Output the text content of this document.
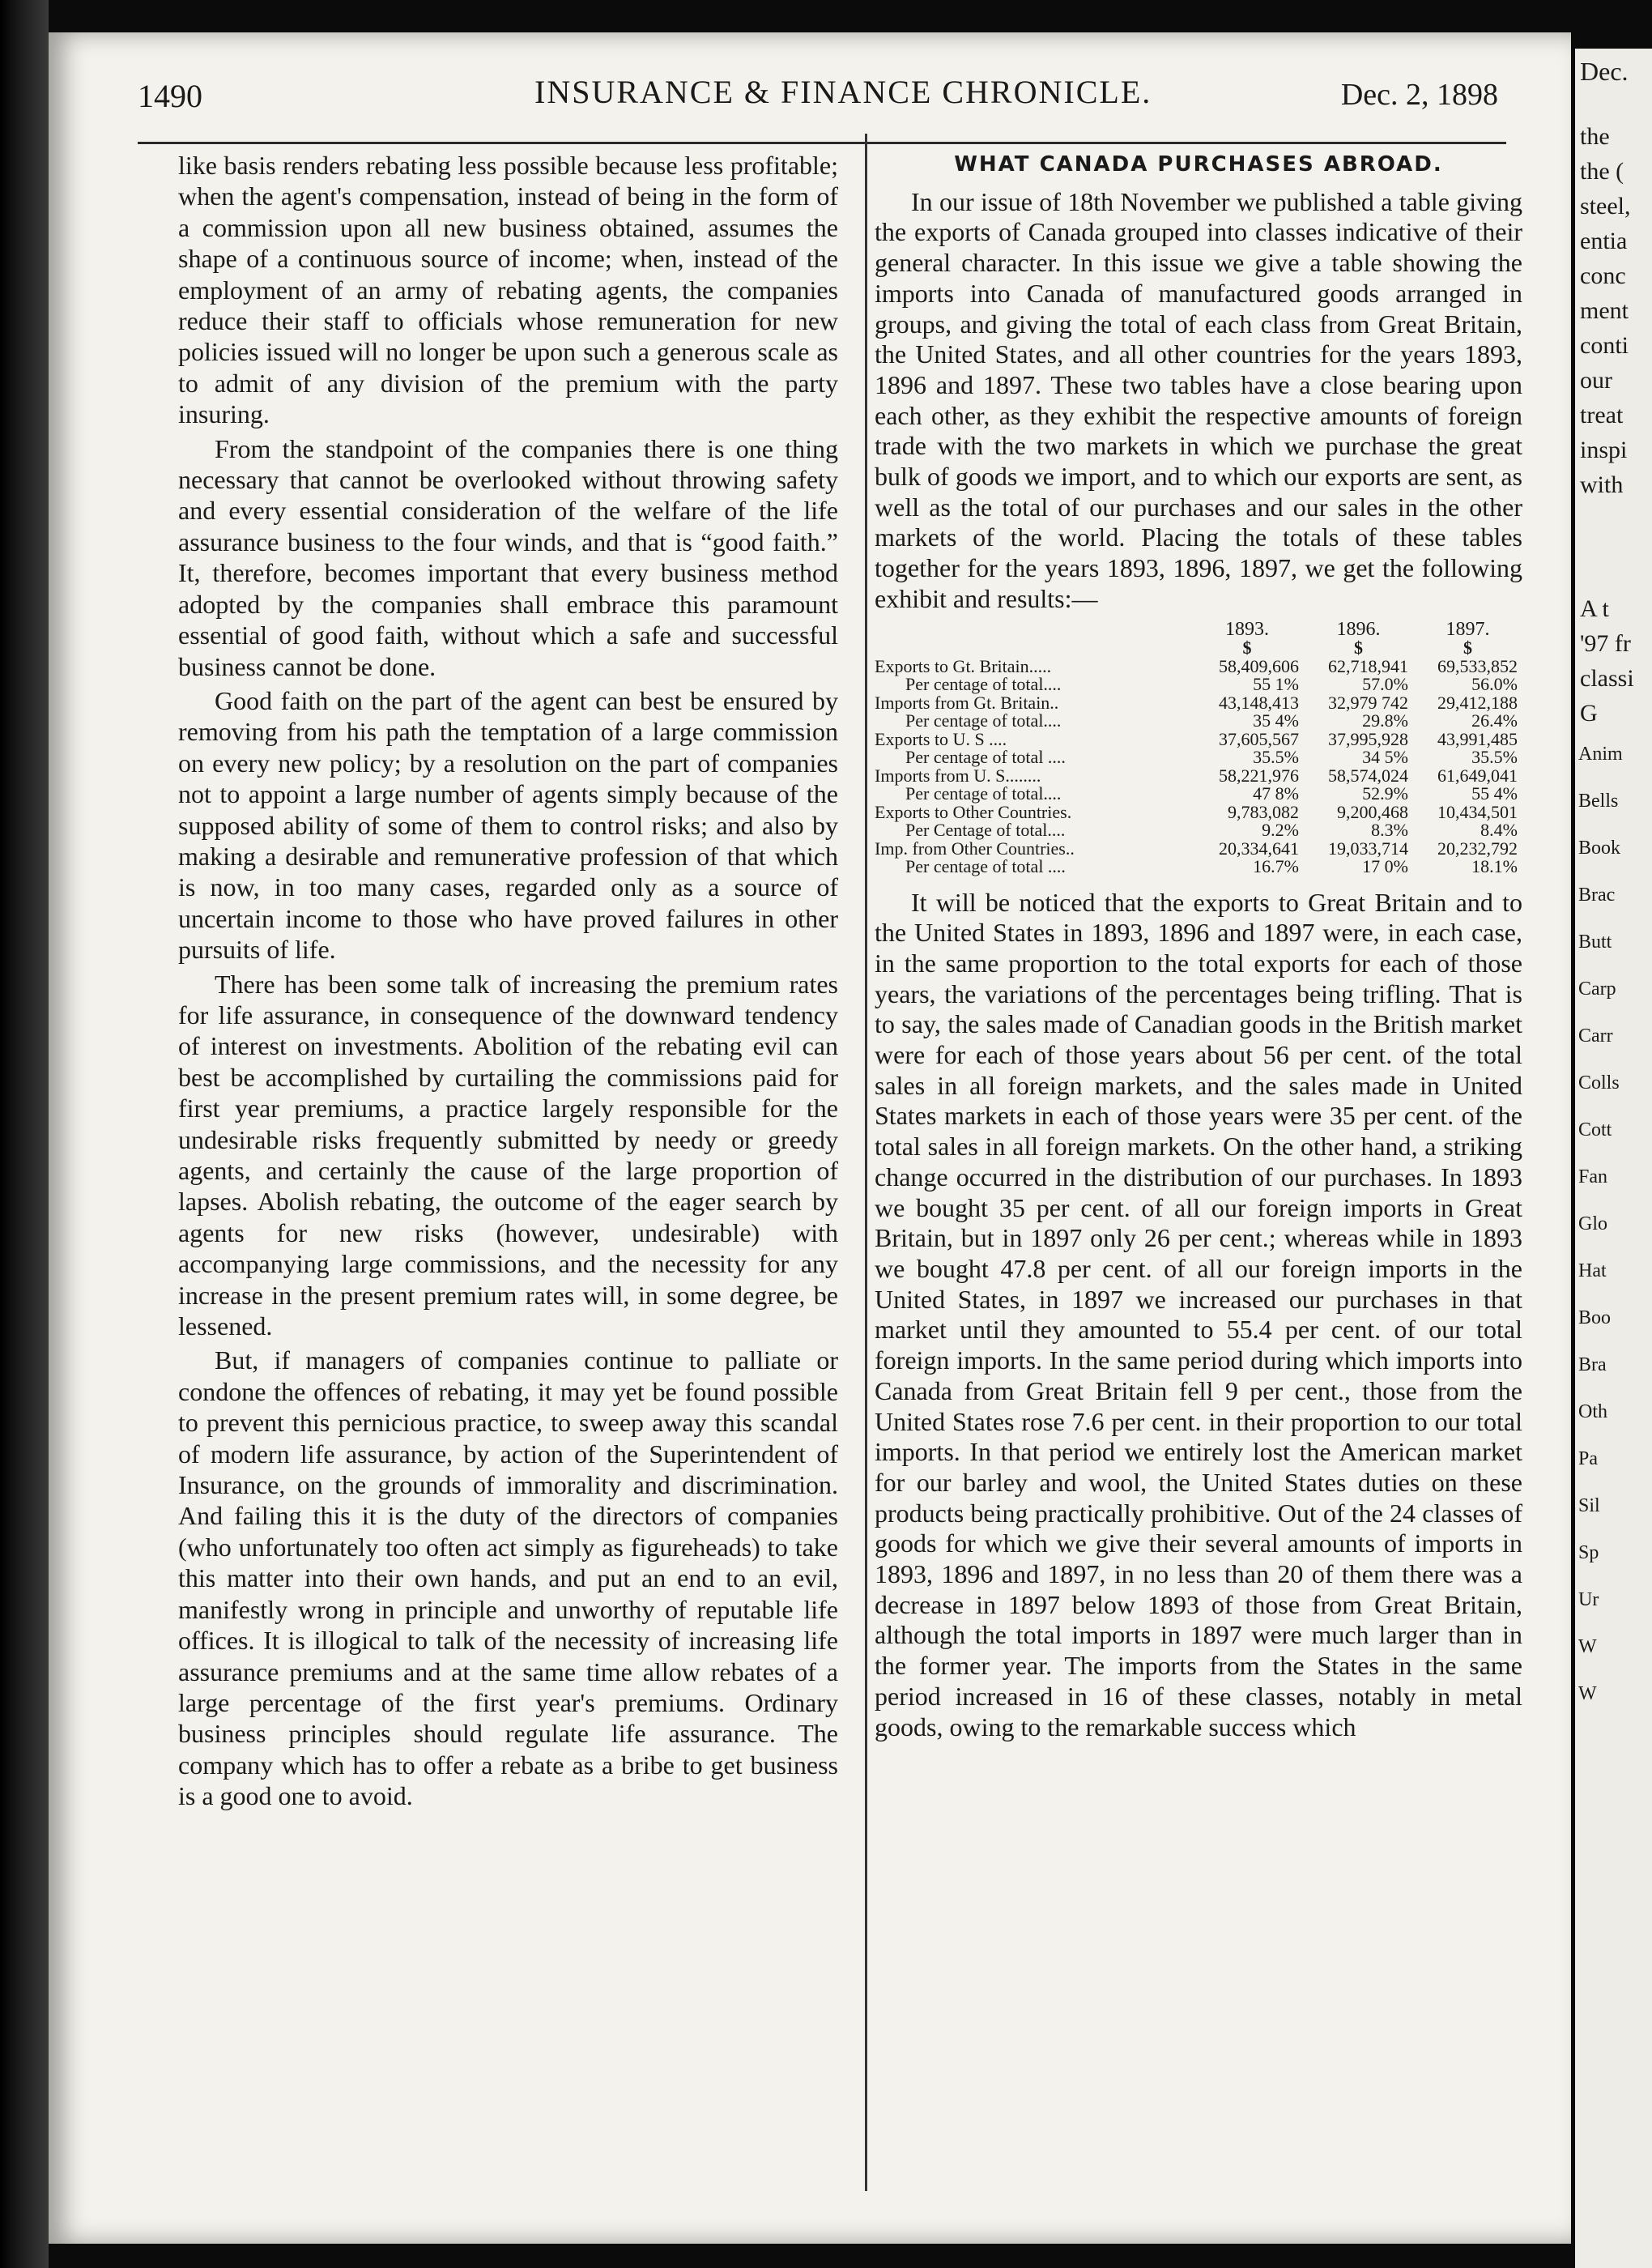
1490	INSURANCE & FINANCE CHRONICLE.	Dec. 2, 1898

like basis renders rebating less possible because less profitable; when the agent's compensation, instead of being in the form of a commission upon all new business obtained, assumes the shape of a continuous source of income; when, instead of the employment of an army of rebating agents, the companies reduce their staff to officials whose remuneration for new policies issued will no longer be upon such a generous scale as to admit of any division of the premium with the party insuring.

From the standpoint of the companies there is one thing necessary that cannot be overlooked without throwing safety and every essential consideration of the welfare of the life assurance business to the four winds, and that is “good faith.” It, therefore, becomes important that every business method adopted by the companies shall embrace this paramount essential of good faith, without which a safe and successful business cannot be done.

Good faith on the part of the agent can best be ensured by removing from his path the temptation of a large commission on every new policy; by a resolution on the part of companies not to appoint a large number of agents simply because of the supposed ability of some of them to control risks; and also by making a desirable and remunerative profession of that which is now, in too many cases, regarded only as a source of uncertain income to those who have proved failures in other pursuits of life.

There has been some talk of increasing the premium rates for life assurance, in consequence of the downward tendency of interest on investments. Abolition of the rebating evil can best be accomplished by curtailing the commissions paid for first year premiums, a practice largely responsible for the undesirable risks frequently submitted by needy or greedy agents, and certainly the cause of the large proportion of lapses. Abolish rebating, the outcome of the eager search by agents for new risks (however, undesirable) with accompanying large commissions, and the necessity for any increase in the present premium rates will, in some degree, be lessened.

But, if managers of companies continue to palliate or condone the offences of rebating, it may yet be found possible to prevent this pernicious practice, to sweep away this scandal of modern life assurance, by action of the Superintendent of Insurance, on the grounds of immorality and discrimination. And failing this it is the duty of the directors of companies (who unfortunately too often act simply as figureheads) to take this matter into their own hands, and put an end to an evil, manifestly wrong in principle and unworthy of reputable life offices. It is illogical to talk of the necessity of increasing life assurance premiums and at the same time allow rebates of a large percentage of the first year's premiums. Ordinary business principles should regulate life assurance. The company which has to offer a rebate as a bribe to get business is a good one to avoid.

WHAT CANADA PURCHASES ABROAD.

In our issue of 18th November we published a table giving the exports of Canada grouped into classes indicative of their general character. In this issue we give a table showing the imports into Canada of manufactured goods arranged in groups, and giving the total of each class from Great Britain, the United States, and all other countries for the years 1893, 1896 and 1897. These two tables have a close bearing upon each other, as they exhibit the respective amounts of foreign trade with the two markets in which we purchase the great bulk of goods we import, and to which our exports are sent, as well as the total of our purchases and our sales in the other markets of the world. Placing the totals of these tables together for the years 1893, 1896, 1897, we get the following exhibit and results:—

	1893.	1896.	1897.
	$	$	$
Exports to Gt. Britain.....	58,409,606	62,718,941	69,533,852
Per centage of total....	55 1%	57.0%	56.0%
Imports from Gt. Britain..	43,148,413	32,979 742	29,412,188
Per centage of total....	35 4%	29.8%	26.4%
Exports to U. S ....	37,605,567	37,995,928	43,991,485
Per centage of total ....	35.5%	34 5%	35.5%
Imports from U. S........	58,221,976	58,574,024	61,649,041
Per centage of total....	47 8%	52.9%	55 4%
Exports to Other Countries.	9,783,082	9,200,468	10,434,501
Per Centage of total....	9.2%	8.3%	8.4%
Imp. from Other Countries..	20,334,641	19,033,714	20,232,792
Per centage of total ....	16.7%	17 0%	18.1%

It will be noticed that the exports to Great Britain and to the United States in 1893, 1896 and 1897 were, in each case, in the same proportion to the total exports for each of those years, the variations of the percentages being trifling. That is to say, the sales made of Canadian goods in the British market were for each of those years about 56 per cent. of the total sales in all foreign markets, and the sales made in United States markets in each of those years were 35 per cent. of the total sales in all foreign markets. On the other hand, a striking change occurred in the distribution of our purchases. In 1893 we bought 35 per cent. of all our foreign imports in Great Britain, but in 1897 only 26 per cent.; whereas while in 1893 we bought 47.8 per cent. of all our foreign imports in the United States, in 1897 we increased our purchases in that market until they amounted to 55.4 per cent. of our total foreign imports. In the same period during which imports into Canada from Great Britain fell 9 per cent., those from the United States rose 7.6 per cent. in their proportion to our total imports. In that period we entirely lost the American market for our barley and wool, the United States duties on these products being practically prohibitive. Out of the 24 classes of goods for which we give their several amounts of imports in 1893, 1896 and 1897, in no less than 20 of them there was a decrease in 1897 below 1893 of those from Great Britain, although the total imports in 1897 were much larger than in the former year. The imports from the States in the same period increased in 16 of these classes, notably in metal goods, owing to the remarkable success which

Dec.
the
the (
steel,
entia
conc
ment
conti
our
treat
inspi
with
A t
'97 fr
classi
G
Anim
Bells
Book
Brac
Butt
Carp
Carr
Colls
Cott
Fan
Glo
Hat
Boo
Bra
Oth
Pa
Sil
Sp
Ur
W
W
